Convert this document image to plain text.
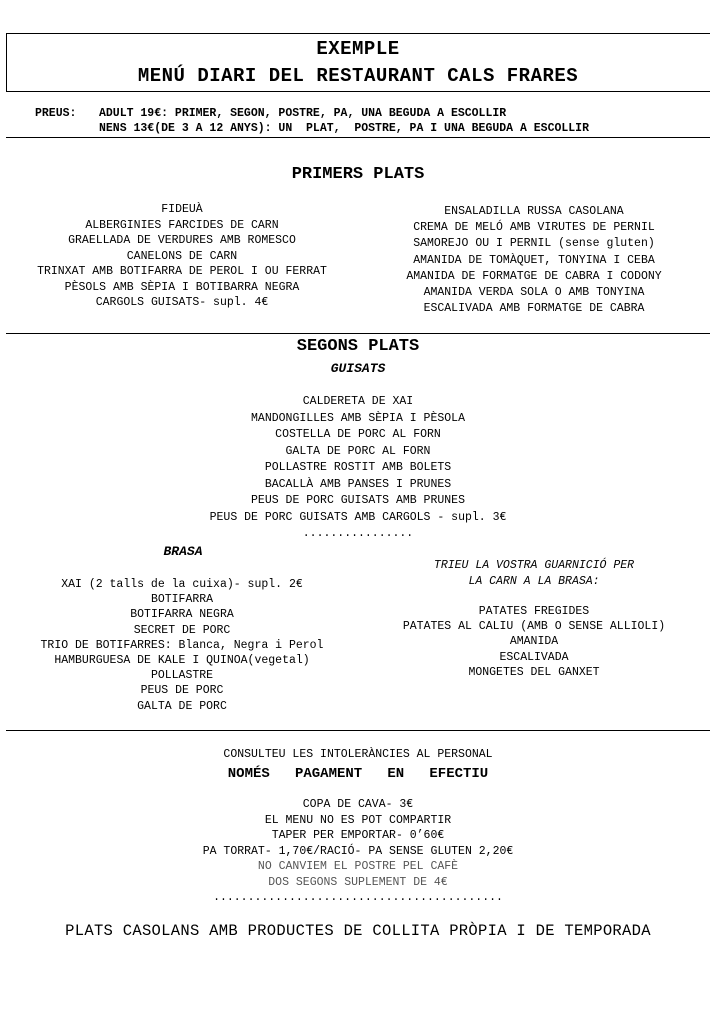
EXEMPLE
MENÚ DIARI DEL RESTAURANT CALS FRARES
PREUS: ADULT 19€: PRIMER, SEGON, POSTRE, PA, UNA BEGUDA A ESCOLLIR
NENS 13€(DE 3 A 12 ANYS): UN  PLAT,  POSTRE, PA I UNA BEGUDA A ESCOLLIR
PRIMERS PLATS
FIDEUÀ
ALBERGINIES FARCIDES DE CARN
GRAELLADA DE VERDURES AMB ROMESCO
CANELONS DE CARN
TRINXAT AMB BOTIFARRA DE PEROL I OU FERRAT
PÈSOLS AMB SÈPIA I BOTIBARRA NEGRA
CARGOLS GUISATS- supl. 4€
ENSALADILLA RUSSA CASOLANA
CREMA DE MELÓ AMB VIRUTES DE PERNIL
SAMOREJO OU I PERNIL (sense gluten)
AMANIDA DE TOMÀQUET, TONYINA I CEBA
AMANIDA DE FORMATGE DE CABRA I CODONY
AMANIDA VERDA SOLA O AMB TONYINA
ESCALIVADA AMB FORMATGE DE CABRA
SEGONS PLATS
GUISATS
CALDERETA DE XAI
MANDONGILLES AMB SÈPIA I PÈSOLA
COSTELLA DE PORC AL FORN
GALTA DE PORC AL FORN
POLLASTRE ROSTIT AMB BOLETS
BACALLÀ AMB PANSES I PRUNES
PEUS DE PORC GUISATS AMB PRUNES
PEUS DE PORC GUISATS AMB CARGOLS - supl. 3€
................
BRASA
XAI (2 talls de la cuixa)- supl. 2€
BOTIFARRA
BOTIFARRA NEGRA
SECRET DE PORC
TRIO DE BOTIFARRES: Blanca, Negra i Perol
HAMBURGUESA DE KALE I QUINOA(vegetal)
POLLASTRE
PEUS DE PORC
GALTA DE PORC
TRIEU LA VOSTRA GUARNICIÓ PER
LA CARN A LA BRASA:
PATATES FREGIDES
PATATES AL CALIU (AMB O SENSE ALLIOLI)
AMANIDA
ESCALIVADA
MONGETES DEL GANXET
CONSULTEU LES INTOLERÀNCIES AL PERSONAL
NOMÉS   PAGAMENT   EN   EFECTIU
COPA DE CAVA- 3€
EL MENU NO ES POT COMPARTIR
TAPER PER EMPORTAR- 0’60€
PA TORRAT- 1,70€/RACIÓ- PA SENSE GLUTEN 2,20€
NO CANVIEM EL POSTRE PEL CAFÈ
DOS SEGONS SUPLEMENT DE 4€
..........................................
PLATS CASOLANS AMB PRODUCTES DE COLLITA PRÒPIA I DE TEMPORADA
